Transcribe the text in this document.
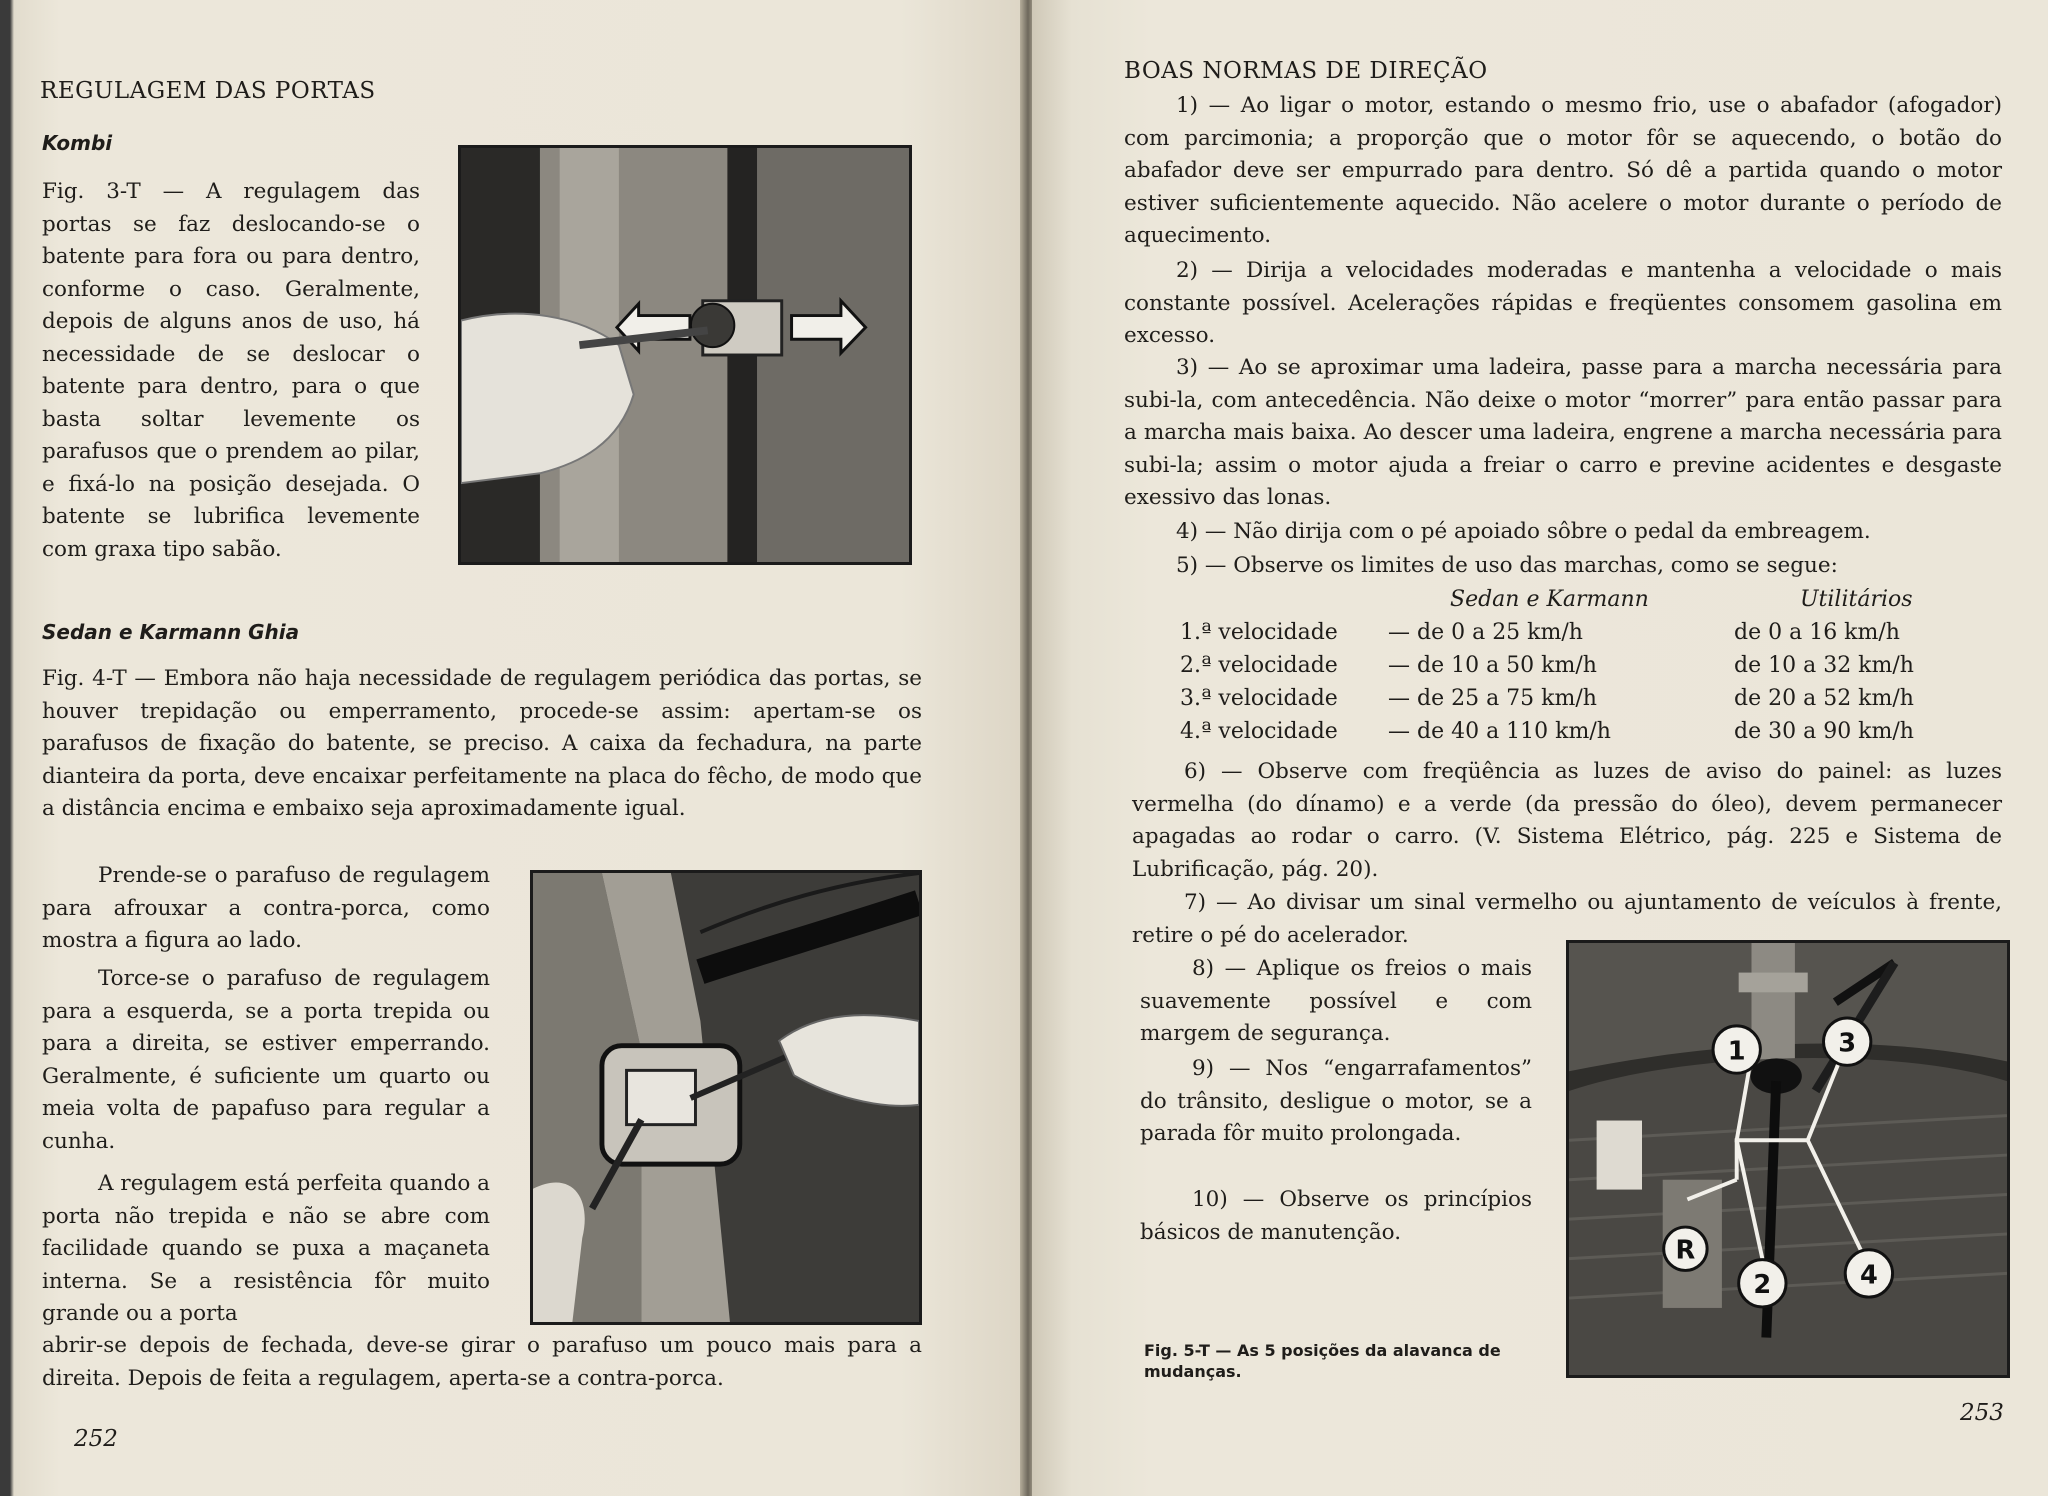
REGULAGEM DAS PORTAS
Kombi

Fig. 3-T — A regulagem das portas se faz deslocando-se o batente para fora ou para dentro, conforme o caso. Geralmente, depois de alguns anos de uso, há necessidade de se deslocar o batente para dentro, para o que basta soltar levemente os parafusos que o prendem ao pilar, e fixá-lo na posição desejada. O batente se lubrifica levemente com graxa tipo sabão.

Sedan e Karmann Ghia

Fig. 4-T — Embora não haja necessidade de regulagem periódica das portas, se houver trepidação ou emperramento, procede-se assim: apertam-se os parafusos de fixação do batente, se preciso. A caixa da fechadura, na parte dianteira da porta, deve encaixar perfeitamente na placa do fêcho, de modo que a distância encima e embaixo seja aproximadamente igual.

Prende-se o parafuso de regulagem para afrouxar a contra-porca, como mostra a figura ao lado.

Torce-se o parafuso de regulagem para a esquerda, se a porta trepida ou para a direita, se estiver emperrando. Geralmente, é suficiente um quarto ou meia volta de papafuso para regular a cunha.

A regulagem está perfeita quando a porta não trepida e não se abre com facilidade quando se puxa a maçaneta interna. Se a resistência fôr muito grande ou a porta

abrir-se depois de fechada, deve-se girar o parafuso um pouco mais para a direita. Depois de feita a regulagem, aperta-se a contra-porca.

252
BOAS NORMAS DE DIREÇÃO

1) — Ao ligar o motor, estando o mesmo frio, use o abafador (afogador) com parcimonia; a proporção que o motor fôr se aquecendo, o botão do abafador deve ser empurrado para dentro. Só dê a partida quando o motor estiver suficientemente aquecido. Não acelere o motor durante o período de aquecimento.

2) — Dirija a velocidades moderadas e mantenha a velocidade o mais constante possível. Acelerações rápidas e freqüentes consomem gasolina em excesso.

3) — Ao se aproximar uma ladeira, passe para a marcha necessária para subi-la, com antecedência. Não deixe o motor “morrer” para então passar para a marcha mais baixa. Ao descer uma ladeira, engrene a marcha necessária para subi-la; assim o motor ajuda a freiar o carro e previne acidentes e desgaste exessivo das lonas.

4) — Não dirija com o pé apoiado sôbre o pedal da embreagem.

5) — Observe os limites de uso das marchas, como se segue:

Sedan e Karmann	Utilitários
1.ª velocidade — de 0 a 25 km/h	de 0 a 16 km/h
2.ª velocidade — de 10 a 50 km/h	de 10 a 32 km/h
3.ª velocidade — de 25 a 75 km/h	de 20 a 52 km/h
4.ª velocidade — de 40 a 110 km/h	de 30 a 90 km/h

6) — Observe com freqüência as luzes de aviso do painel: as luzes vermelha (do dínamo) e a verde (da pressão do óleo), devem permanecer apagadas ao rodar o carro. (V. Sistema Elétrico, pág. 225 e Sistema de Lubrificação, pág. 20).

7) — Ao divisar um sinal vermelho ou ajuntamento de veículos à frente, retire o pé do acelerador.

8) — Aplique os freios o mais suavemente possível e com margem de segurança.

9) — Nos “engarrafamentos” do trânsito, desligue o motor, se a parada fôr muito prolongada.

10) — Observe os princípios básicos de manutenção.

Fig. 5-T — As 5 posições da alavanca de mudanças.
1
2
3
4
R
253
